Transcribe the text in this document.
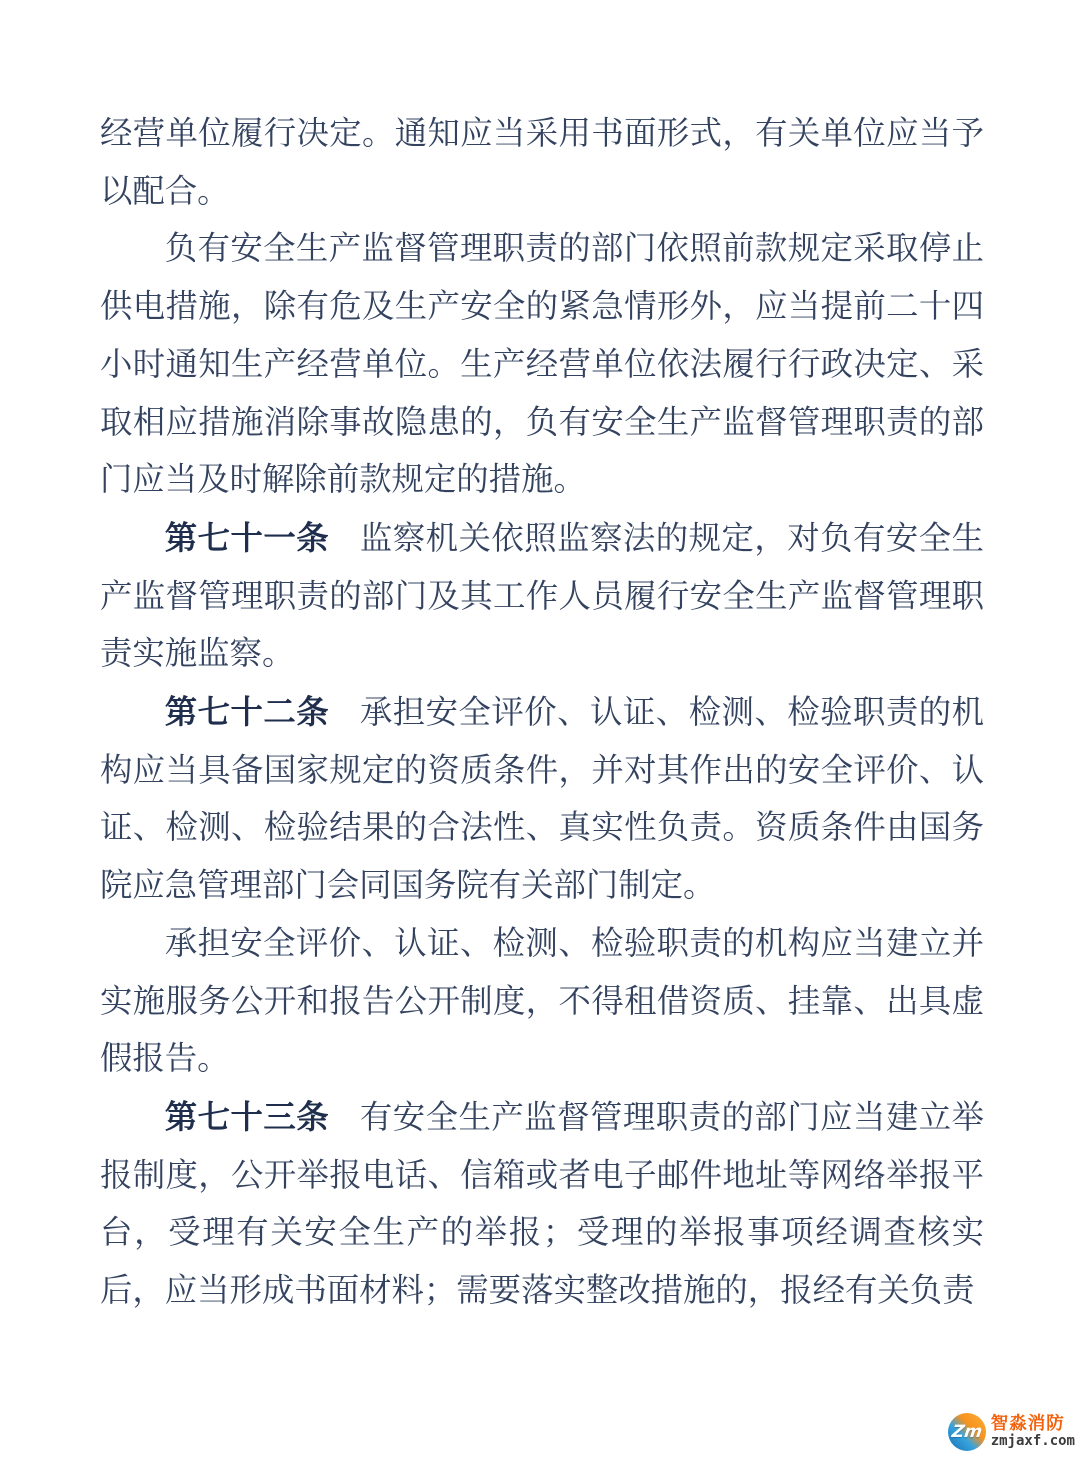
经营单位履行决定。通知应当采用书面形式，有关单位应当予以配合。

负有安全生产监督管理职责的部门依照前款规定采取停止供电措施，除有危及生产安全的紧急情形外，应当提前二十四小时通知生产经营单位。生产经营单位依法履行行政决定、采取相应措施消除事故隐患的，负有安全生产监督管理职责的部门应当及时解除前款规定的措施。

第七十一条 监察机关依照监察法的规定，对负有安全生产监督管理职责的部门及其工作人员履行安全生产监督管理职责实施监察。

第七十二条 承担安全评价、认证、检测、检验职责的机构应当具备国家规定的资质条件，并对其作出的安全评价、认证、检测、检验结果的合法性、真实性负责。资质条件由国务院应急管理部门会同国务院有关部门制定。

承担安全评价、认证、检测、检验职责的机构应当建立并实施服务公开和报告公开制度，不得租借资质、挂靠、出具虚假报告。

第七十三条 有安全生产监督管理职责的部门应当建立举报制度，公开举报电话、信箱或者电子邮件地址等网络举报平台，受理有关安全生产的举报；受理的举报事项经调查核实后，应当形成书面材料；需要落实整改措施的，报经有关负责

Zm 智淼消防
zmjaxf.com
